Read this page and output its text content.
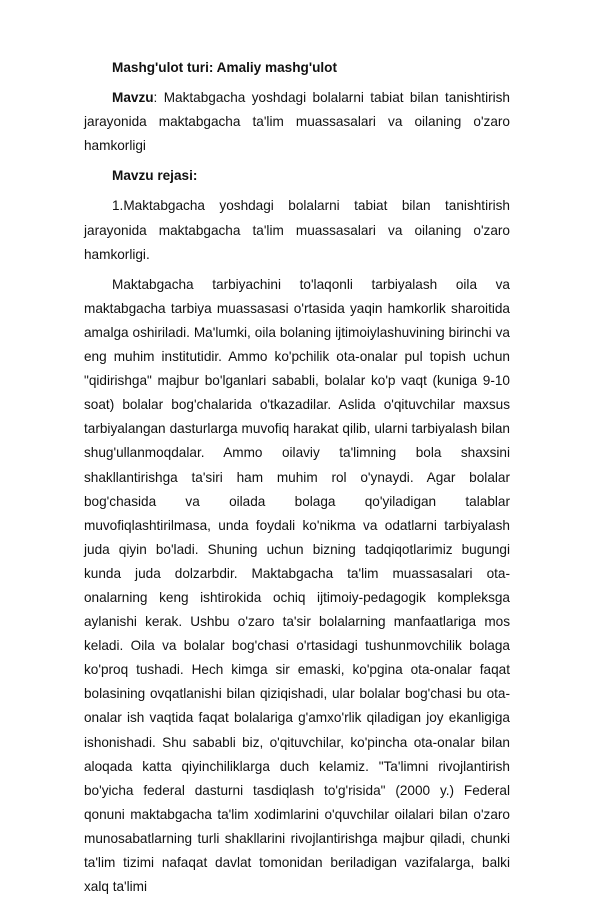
Mashg'ulot turi: Amaliy mashg'ulot

Mavzu: Maktabgacha yoshdagi bolalarni tabiat bilan tanishtirish jarayonida maktabgacha ta'lim muassasalari va oilaning o'zaro hamkorligi

Mavzu rejasi:

1.Maktabgacha yoshdagi bolalarni tabiat bilan tanishtirish jarayonida maktabgacha ta'lim muassasalari va oilaning o'zaro hamkorligi.

Maktabgacha tarbiyachini to'laqonli tarbiyalash oila va maktabgacha tarbiya muassasasi o'rtasida yaqin hamkorlik sharoitida amalga oshiriladi. Ma'lumki, oila bolaning ijtimoiylashuvining birinchi va eng muhim institutidir. Ammo ko'pchilik ota-onalar pul topish uchun "qidirishga" majbur bo'lganlari sababli, bolalar ko'p vaqt (kuniga 9-10 soat) bolalar bog'chalarida o'tkazadilar. Aslida o'qituvchilar maxsus tarbiyalangan dasturlarga muvofiq harakat qilib, ularni tarbiyalash bilan shug'ullanmoqdalar. Ammo oilaviy ta'limning bola shaxsini shakllantirishga ta'siri ham muhim rol o'ynaydi. Agar bolalar bog'chasida va oilada bolaga qo'yiladigan talablar muvofiqlashtirilmasa, unda foydali ko'nikma va odatlarni tarbiyalash juda qiyin bo'ladi. Shuning uchun bizning tadqiqotlarimiz bugungi kunda juda dolzarbdir. Maktabgacha ta'lim muassasalari ota-onalarning keng ishtirokida ochiq ijtimoiy-pedagogik kompleksga aylanishi kerak. Ushbu o'zaro ta'sir bolalarning manfaatlariga mos keladi. Oila va bolalar bog'chasi o'rtasidagi tushunmovchilik bolaga ko'proq tushadi. Hech kimga sir emaski, ko'pgina ota-onalar faqat bolasining ovqatlanishi bilan qiziqishadi, ular bolalar bog'chasi bu ota-onalar ish vaqtida faqat bolalariga g'amxo'rlik qiladigan joy ekanligiga ishonishadi. Shu sababli biz, o'qituvchilar, ko'pincha ota-onalar bilan aloqada katta qiyinchiliklarga duch kelamiz. "Ta'limni rivojlantirish bo'yicha federal dasturni tasdiqlash to'g'risida" (2000 y.) Federal qonuni maktabgacha ta'lim xodimlarini o'quvchilar oilalari bilan o'zaro munosabatlarning turli shakllarini rivojlantirishga majbur qiladi, chunki ta'lim tizimi nafaqat davlat tomonidan beriladigan vazifalarga, balki xalq ta'limi
